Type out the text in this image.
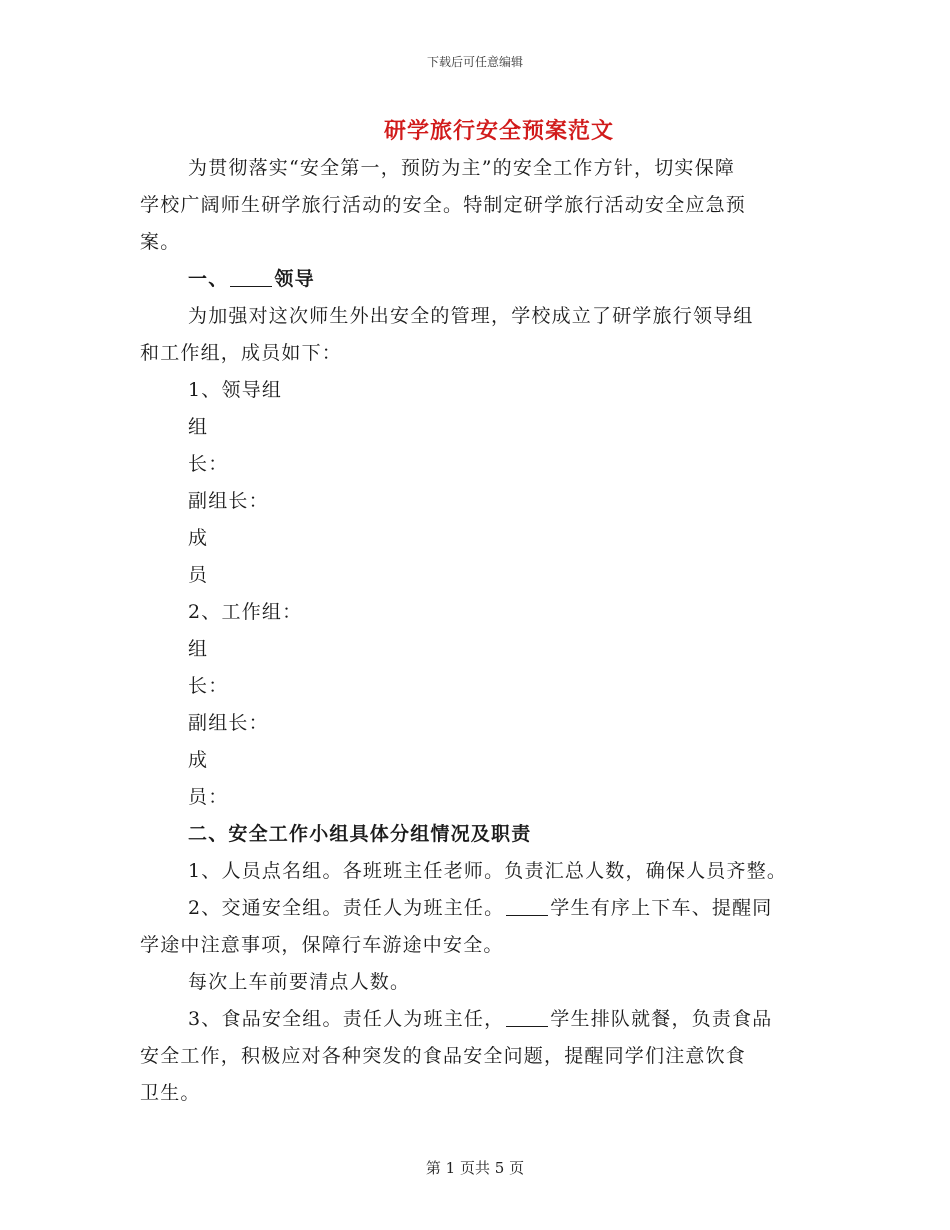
下载后可任意编辑
研学旅行安全预案范文

为贯彻落实“安全第一，预防为主”的安全工作方针，切实保障

学校广阔师生研学旅行活动的安全。特制定研学旅行活动安全应急预

案。

一、 领导

为加强对这次师生外出安全的管理，学校成立了研学旅行领导组

和工作组，成员如下：

1、领导组

组

长：

副组长：

成

员

2、工作组：

组

长：

副组长：

成

员：

二、安全工作小组具体分组情况及职责

1、人员点名组。各班班主任老师。负责汇总人数，确保人员齐整。

2、交通安全组。责任人为班主任。 学生有序上下车、提醒同

学途中注意事项，保障行车游途中安全。

每次上车前要清点人数。

3、食品安全组。责任人为班主任， 学生排队就餐，负责食品

安全工作，积极应对各种突发的食品安全问题，提醒同学们注意饮食

卫生。

第 1 页共 5 页
